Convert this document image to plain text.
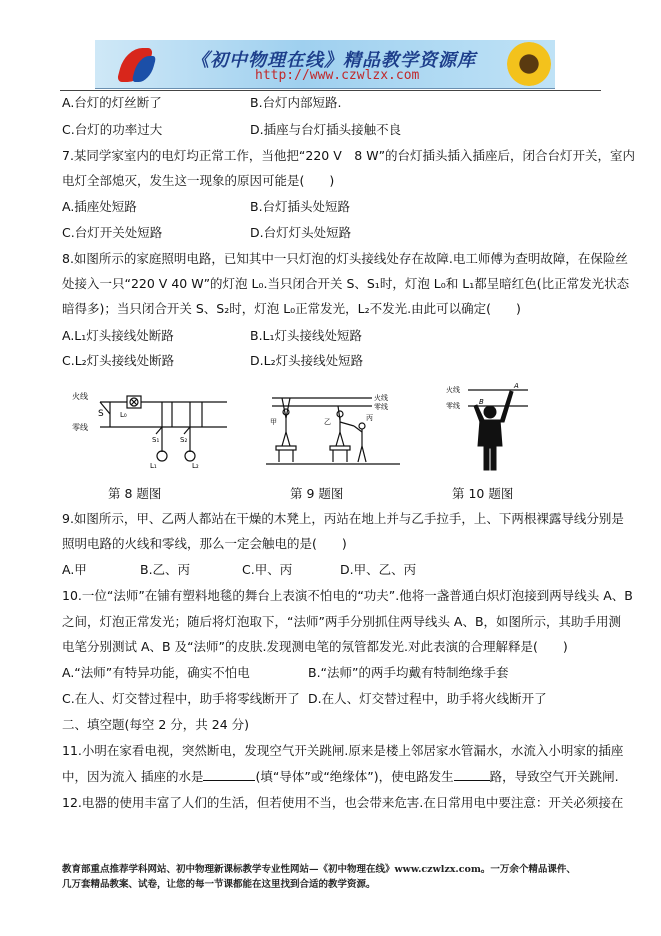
《初中物理在线》精品教学资源库
http://www.czwlzx.com
A.台灯的灯丝断了	B.台灯内部短路.
C.台灯的功率过大	D.插座与台灯插头接触不良
7.某同学家室内的电灯均正常工作，当他把“220 V　8 W”的台灯插头插入插座后，闭合台灯开关，室内
电灯全部熄灭，发生这一现象的原因可能是(　　)
A.插座处短路	B.台灯插头处短路
C.台灯开关处短路	D.台灯灯头处短路
8.如图所示的家庭照明电路，已知其中一只灯泡的灯头接线处存在故障.电工师傅为查明故障，在保险丝
处接入一只“220 V 40 W”的灯泡 L₀.当只闭合开关 S、S₁时，灯泡 L₀和 L₁都呈暗红色(比正常发光状态
暗得多)；当只闭合开关 S、S₂时，灯泡 L₀正常发光，L₂不发光.由此可以确定(　　)
A.L₁灯头接线处断路	B.L₁灯头接线处短路
C.L₂灯头接线处断路	D.L₂灯头接线处短路
火线
零线
S L₀
S₁	S₂
L₁	L₂
第 8 题图
火线
零线
甲	乙	丙
第 9 题图
火线
零线
A
B
第 10 题图
9.如图所示，甲、乙两人都站在干燥的木凳上，丙站在地上并与乙手拉手，上、下两根裸露导线分别是
照明电路的火线和零线，那么一定会触电的是(　　)
A.甲	B.乙、丙	C.甲、丙	D.甲、乙、丙
10.一位“法师”在铺有塑料地毯的舞台上表演不怕电的“功夫”.他将一盏普通白炽灯泡接到两导线头 A、B
之间，灯泡正常发光；随后将灯泡取下，“法师”两手分别抓住两导线头 A、B，如图所示，其助手用测
电笔分别测试 A、B 及“法师”的皮肤.发现测电笔的氖管都发光.对此表演的合理解释是(　　)
A.“法师”有特异功能，确实不怕电	B.“法师”的两手均戴有特制绝缘手套
C.在人、灯交替过程中，助手将零线断开了 D.在人、灯交替过程中，助手将火线断开了
二、填空题(每空 2 分，共 24 分)
11.小明在家看电视，突然断电，发现空气开关跳闸.原来是楼上邻居家水管漏水，水流入小明家的插座
中，因为流入 插座的水是	(填“导体”或“绝缘体”)，使电路发生	路，导致空气开关跳闸.
12.电器的使用丰富了人们的生活，但若使用不当，也会带来危害.在日常用电中要注意：开关必须接在
教育部重点推荐学科网站、初中物理新课标教学专业性网站—《初中物理在线》www.czwlzx.com。一万余个精品课件、
几万套精品教案、试卷，让您的每一节课都能在这里找到合适的教学资源。
